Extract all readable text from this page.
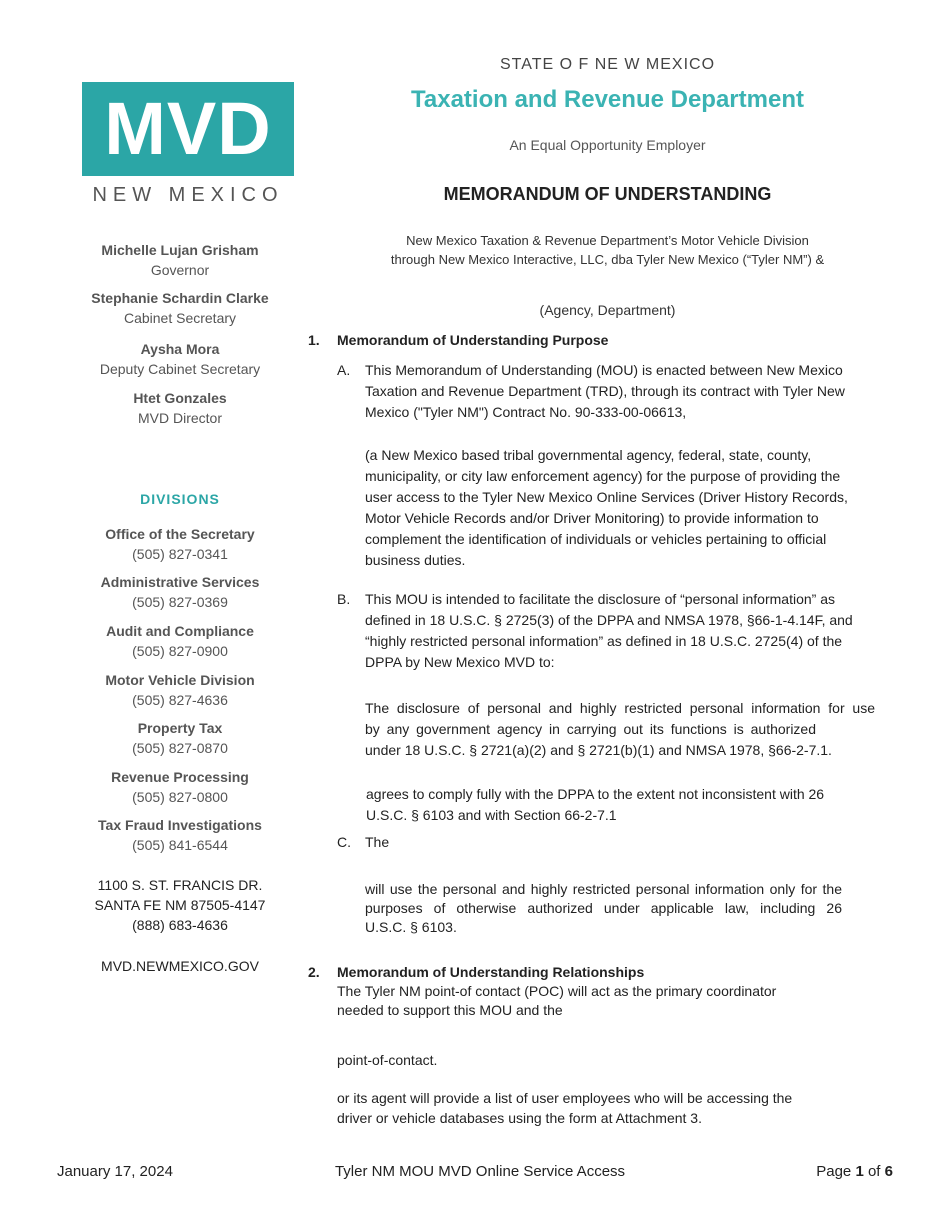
MVD
NEW MEXICO
Michelle Lujan Grisham
Governor
Stephanie Schardin Clarke
Cabinet Secretary
Aysha Mora
Deputy Cabinet Secretary
Htet Gonzales
MVD Director
DIVISIONS
Office of the Secretary
(505) 827-0341
Administrative Services
(505) 827-0369
Audit and Compliance
(505) 827-0900
Motor Vehicle Division
(505) 827-4636
Property Tax
(505) 827-0870
Revenue Processing
(505) 827-0800
Tax Fraud Investigations
(505) 841-6544
1100 S. ST. FRANCIS DR.
SANTA FE NM 87505-4147
(888) 683-4636
MVD.NEWMEXICO.GOV
STATE O F NE W MEXICO
Taxation and Revenue Department
An Equal Opportunity Employer
MEMORANDUM OF UNDERSTANDING
New Mexico Taxation & Revenue Department’s Motor Vehicle Division
through New Mexico Interactive, LLC, dba Tyler New Mexico (“Tyler NM”) &
(Agency, Department)
1. Memorandum of Understanding Purpose
A. This Memorandum of Understanding (MOU) is enacted between New Mexico
Taxation and Revenue Department (TRD), through its contract with Tyler New
Mexico ("Tyler NM") Contract No. 90-333-00-06613,
(a New Mexico based tribal governmental agency, federal, state, county,
municipality, or city law enforcement agency) for the purpose of providing the
user access to the Tyler New Mexico Online Services (Driver History Records,
Motor Vehicle Records and/or Driver Monitoring) to provide information to
complement the identification of individuals or vehicles pertaining to official
business duties.
B. This MOU is intended to facilitate the disclosure of “personal information” as
defined in 18 U.S.C. § 2725(3) of the DPPA and NMSA 1978, §66-1-4.14F, and
“highly restricted personal information” as defined in 18 U.S.C. 2725(4) of the
DPPA by New Mexico MVD to:
The disclosure of personal and highly restricted personal information for use
by any government agency in carrying out its functions is authorized
under 18 U.S.C. § 2721(a)(2) and § 2721(b)(1) and NMSA 1978, §66-2-7.1.
agrees to comply fully with the DPPA to the extent not inconsistent with 26
U.S.C. § 6103 and with Section 66-2-7.1
C. The
will use the personal and highly restricted personal information only for the
purposes of otherwise authorized under applicable law, including 26
U.S.C. § 6103.
2. Memorandum of Understanding Relationships
The Tyler NM point-of contact (POC) will act as the primary coordinator
needed to support this MOU and the
point-of-contact.
or its agent will provide a list of user employees who will be accessing the
driver or vehicle databases using the form at Attachment 3.
January 17, 2024	Tyler NM MOU MVD Online Service Access	Page 1 of 6
